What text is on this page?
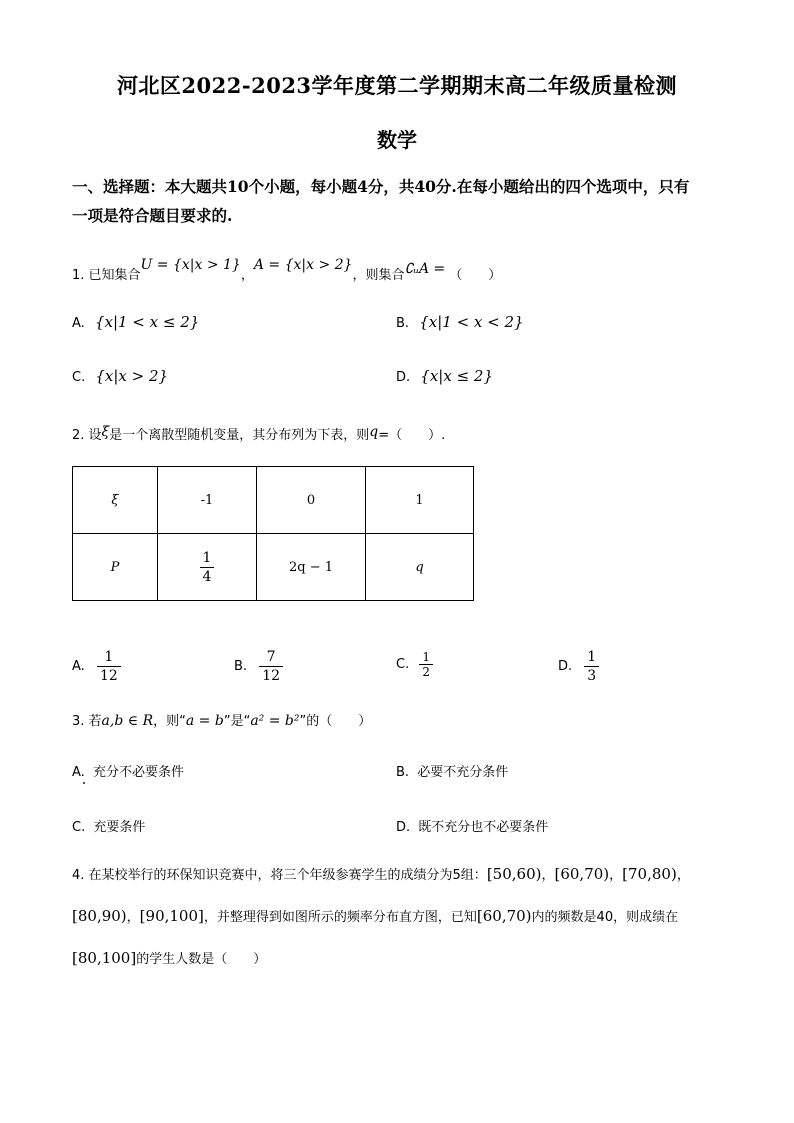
河北区2022-2023学年度第二学期期末高二年级质量检测
数学
一、选择题：本大题共10个小题，每小题4分，共40分.在每小题给出的四个选项中，只有
一项是符合题目要求的.
1. 已知集合U = {x|x > 1}，A = {x|x > 2}，则集合∁ᵤA = （　　）
A. {x|1 < x ≤ 2}	B. {x|1 < x < 2}
C. {x|x > 2}	D. {x|x ≤ 2}
2. 设ξ是一个离散型随机变量，其分布列为下表，则q=（　　）.
ξ	-1	0	1
P	$\frac{1}{4}$	2q − 1	q
A. $\frac{1}{12}$	B. $\frac{7}{12}$	C. $\frac{1}{2}$	D. $\frac{1}{3}$
3. 若a,b ∈ R，则“a = b”是“a² = b²”的（　　）
A. 充分不必要条件	B. 必要不充分条件
C. 充要条件	D. 既不充分也不必要条件
4. 在某校举行的环保知识竞赛中，将三个年级参赛学生的成绩分为5组：[50,60)，[60,70)，[70,80)，
[80,90)，[90,100]，并整理得到如图所示的频率分布直方图，已知[60,70)内的频数是40，则成绩在
[80,100]的学生人数是（　　）
